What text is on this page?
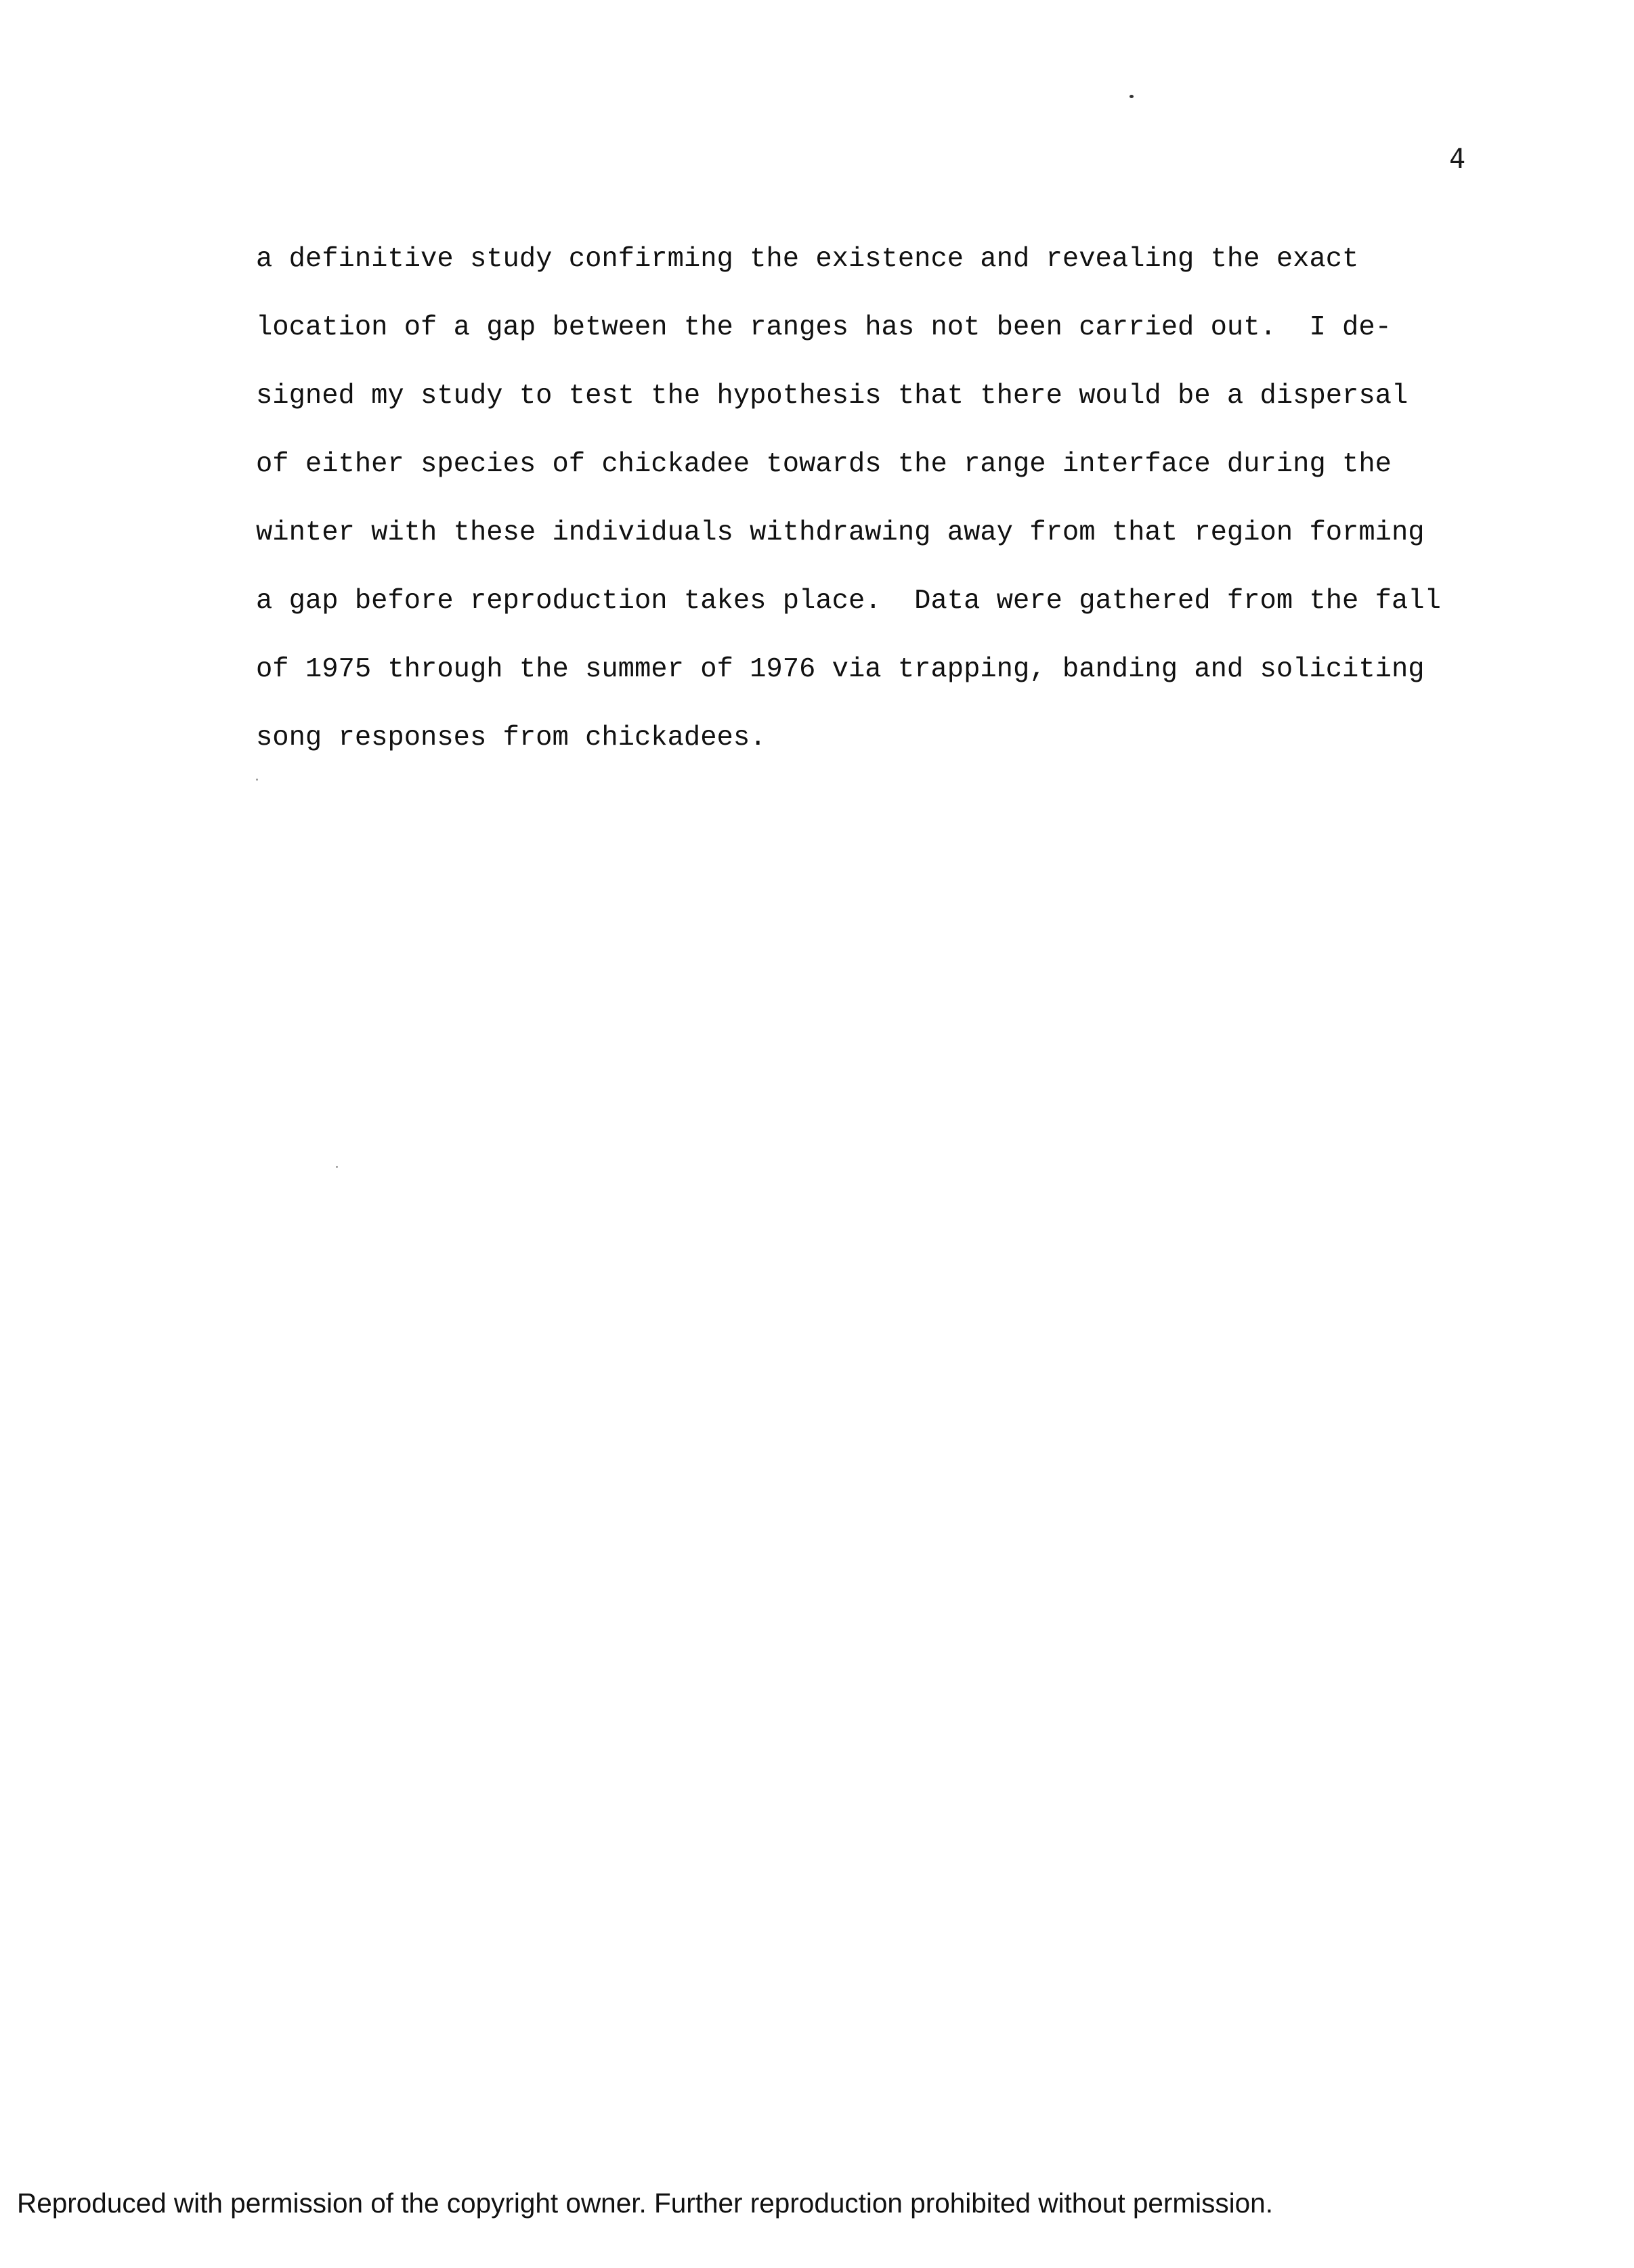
4
a definitive study confirming the existence and revealing the exact
location of a gap between the ranges has not been carried out.  I de-
signed my study to test the hypothesis that there would be a dispersal
of either species of chickadee towards the range interface during the
winter with these individuals withdrawing away from that region forming
a gap before reproduction takes place.  Data were gathered from the fall
of 1975 through the summer of 1976 via trapping, banding and soliciting
song responses from chickadees.
Reproduced with permission of the copyright owner. Further reproduction prohibited without permission.
